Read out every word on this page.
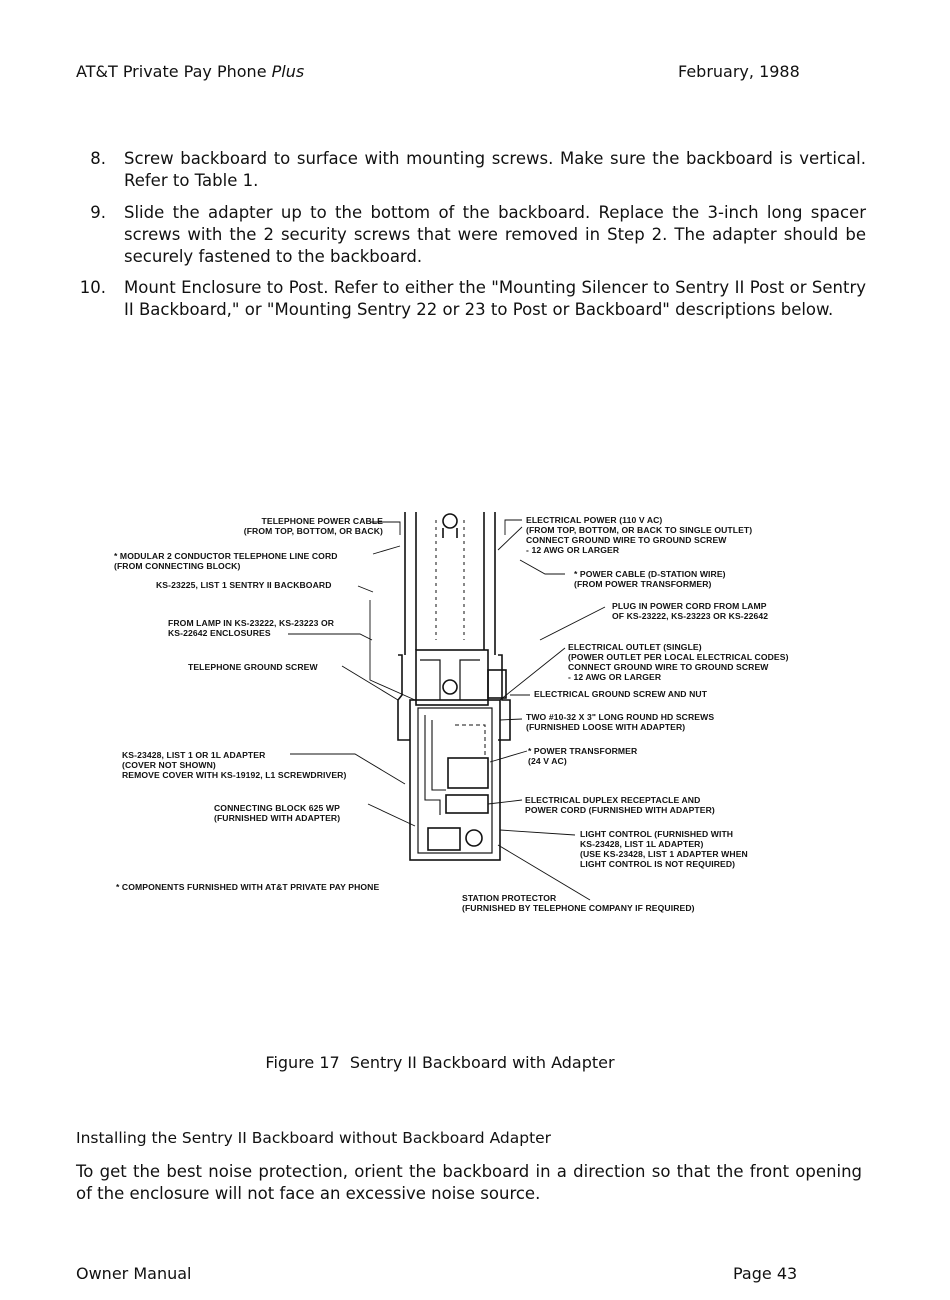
AT&T Private Pay Phone Plus	February, 1988
8. Screw backboard to surface with mounting screws. Make sure the backboard is vertical. Refer to Table 1.
9. Slide the adapter up to the bottom of the backboard. Replace the 3-inch long spacer screws with the 2 security screws that were removed in Step 2. The adapter should be securely fastened to the backboard.
10. Mount Enclosure to Post. Refer to either the "Mounting Silencer to Sentry II Post or Sentry II Backboard," or "Mounting Sentry 22 or 23 to Post or Backboard" descriptions below.
TELEPHONE POWER CABLE
(FROM TOP, BOTTOM, OR BACK)
* MODULAR 2 CONDUCTOR TELEPHONE LINE CORD
(FROM CONNECTING BLOCK)
KS-23225, LIST 1 SENTRY II BACKBOARD
FROM LAMP IN KS-23222, KS-23223 OR
KS-22642 ENCLOSURES
TELEPHONE GROUND SCREW
KS-23428, LIST 1 OR 1L ADAPTER
(COVER NOT SHOWN)
REMOVE COVER WITH KS-19192, L1 SCREWDRIVER)
CONNECTING BLOCK 625 WP
(FURNISHED WITH ADAPTER)
* COMPONENTS FURNISHED WITH AT&T PRIVATE PAY PHONE
ELECTRICAL POWER (110 V AC)
(FROM TOP, BOTTOM, OR BACK TO SINGLE OUTLET)
CONNECT GROUND WIRE TO GROUND SCREW
- 12 AWG OR LARGER
* POWER CABLE (D-STATION WIRE)
(FROM POWER TRANSFORMER)
PLUG IN POWER CORD FROM LAMP
OF KS-23222, KS-23223 OR KS-22642
ELECTRICAL OUTLET (SINGLE)
(POWER OUTLET PER LOCAL ELECTRICAL CODES)
CONNECT GROUND WIRE TO GROUND SCREW
- 12 AWG OR LARGER
ELECTRICAL GROUND SCREW AND NUT
TWO #10-32 X 3" LONG ROUND HD SCREWS
(FURNISHED LOOSE WITH ADAPTER)
* POWER TRANSFORMER
(24 V AC)
ELECTRICAL DUPLEX RECEPTACLE AND
POWER CORD (FURNISHED WITH ADAPTER)
LIGHT CONTROL (FURNISHED WITH
KS-23428, LIST 1L ADAPTER)
(USE KS-23428, LIST 1 ADAPTER WHEN
LIGHT CONTROL IS NOT REQUIRED)
STATION PROTECTOR
(FURNISHED BY TELEPHONE COMPANY IF REQUIRED)
Figure 17  Sentry II Backboard with Adapter
Installing the Sentry II Backboard without Backboard Adapter
To get the best noise protection, orient the backboard in a direction so that the front opening of the enclosure will not face an excessive noise source.
Owner Manual	Page 43
